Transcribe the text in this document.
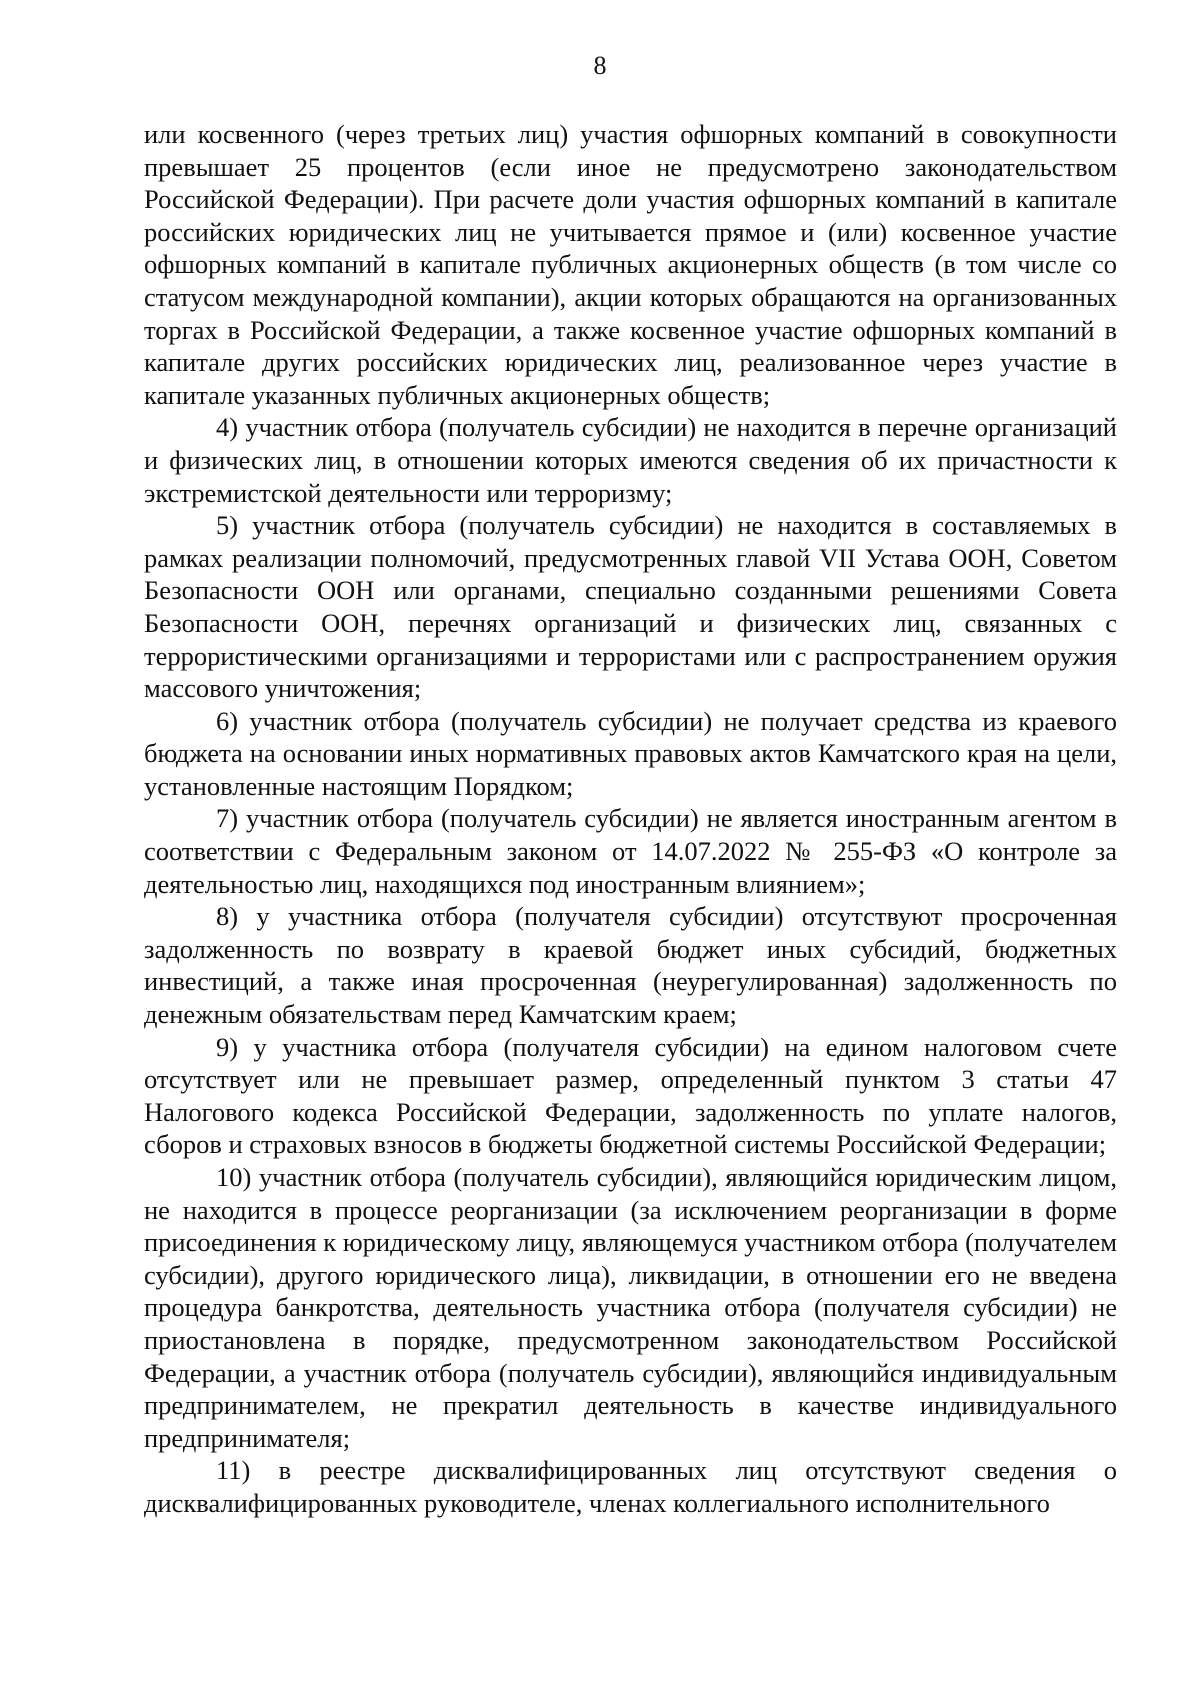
8

или косвенного (через третьих лиц) участия офшорных компаний в совокупности превышает 25 процентов (если иное не предусмотрено законодательством Российской Федерации). При расчете доли участия офшорных компаний в капитале российских юридических лиц не учитывается прямое и (или) косвенное участие офшорных компаний в капитале публичных акционерных обществ (в том числе со статусом международной компании), акции которых обращаются на организованных торгах в Российской Федерации, а также косвенное участие офшорных компаний в капитале других российских юридических лиц, реализованное через участие в капитале указанных публичных акционерных обществ;

4) участник отбора (получатель субсидии) не находится в перечне организаций и физических лиц, в отношении которых имеются сведения об их причастности к экстремистской деятельности или терроризму;

5) участник отбора (получатель субсидии) не находится в составляемых в рамках реализации полномочий, предусмотренных главой VII Устава ООН, Советом Безопасности ООН или органами, специально созданными решениями Совета Безопасности ООН, перечнях организаций и физических лиц, связанных с террористическими организациями и террористами или с распространением оружия массового уничтожения;

6) участник отбора (получатель субсидии) не получает средства из краевого бюджета на основании иных нормативных правовых актов Камчатского края на цели, установленные настоящим Порядком;

7) участник отбора (получатель субсидии) не является иностранным агентом в соответствии с Федеральным законом от 14.07.2022 № 255-ФЗ «О контроле за деятельностью лиц, находящихся под иностранным влиянием»;

8) у участника отбора (получателя субсидии) отсутствуют просроченная задолженность по возврату в краевой бюджет иных субсидий, бюджетных инвестиций, а также иная просроченная (неурегулированная) задолженность по денежным обязательствам перед Камчатским краем;

9) у участника отбора (получателя субсидии) на едином налоговом счете отсутствует или не превышает размер, определенный пунктом 3 статьи 47 Налогового кодекса Российской Федерации, задолженность по уплате налогов, сборов и страховых взносов в бюджеты бюджетной системы Российской Федерации;

10) участник отбора (получатель субсидии), являющийся юридическим лицом, не находится в процессе реорганизации (за исключением реорганизации в форме присоединения к юридическому лицу, являющемуся участником отбора (получателем субсидии), другого юридического лица), ликвидации, в отношении его не введена процедура банкротства, деятельность участника отбора (получателя субсидии) не приостановлена в порядке, предусмотренном законодательством Российской Федерации, а участник отбора (получатель субсидии), являющийся индивидуальным предпринимателем, не прекратил деятельность в качестве индивидуального предпринимателя;

11) в реестре дисквалифицированных лиц отсутствуют сведения о дисквалифицированных руководителе, членах коллегиального исполнительного
